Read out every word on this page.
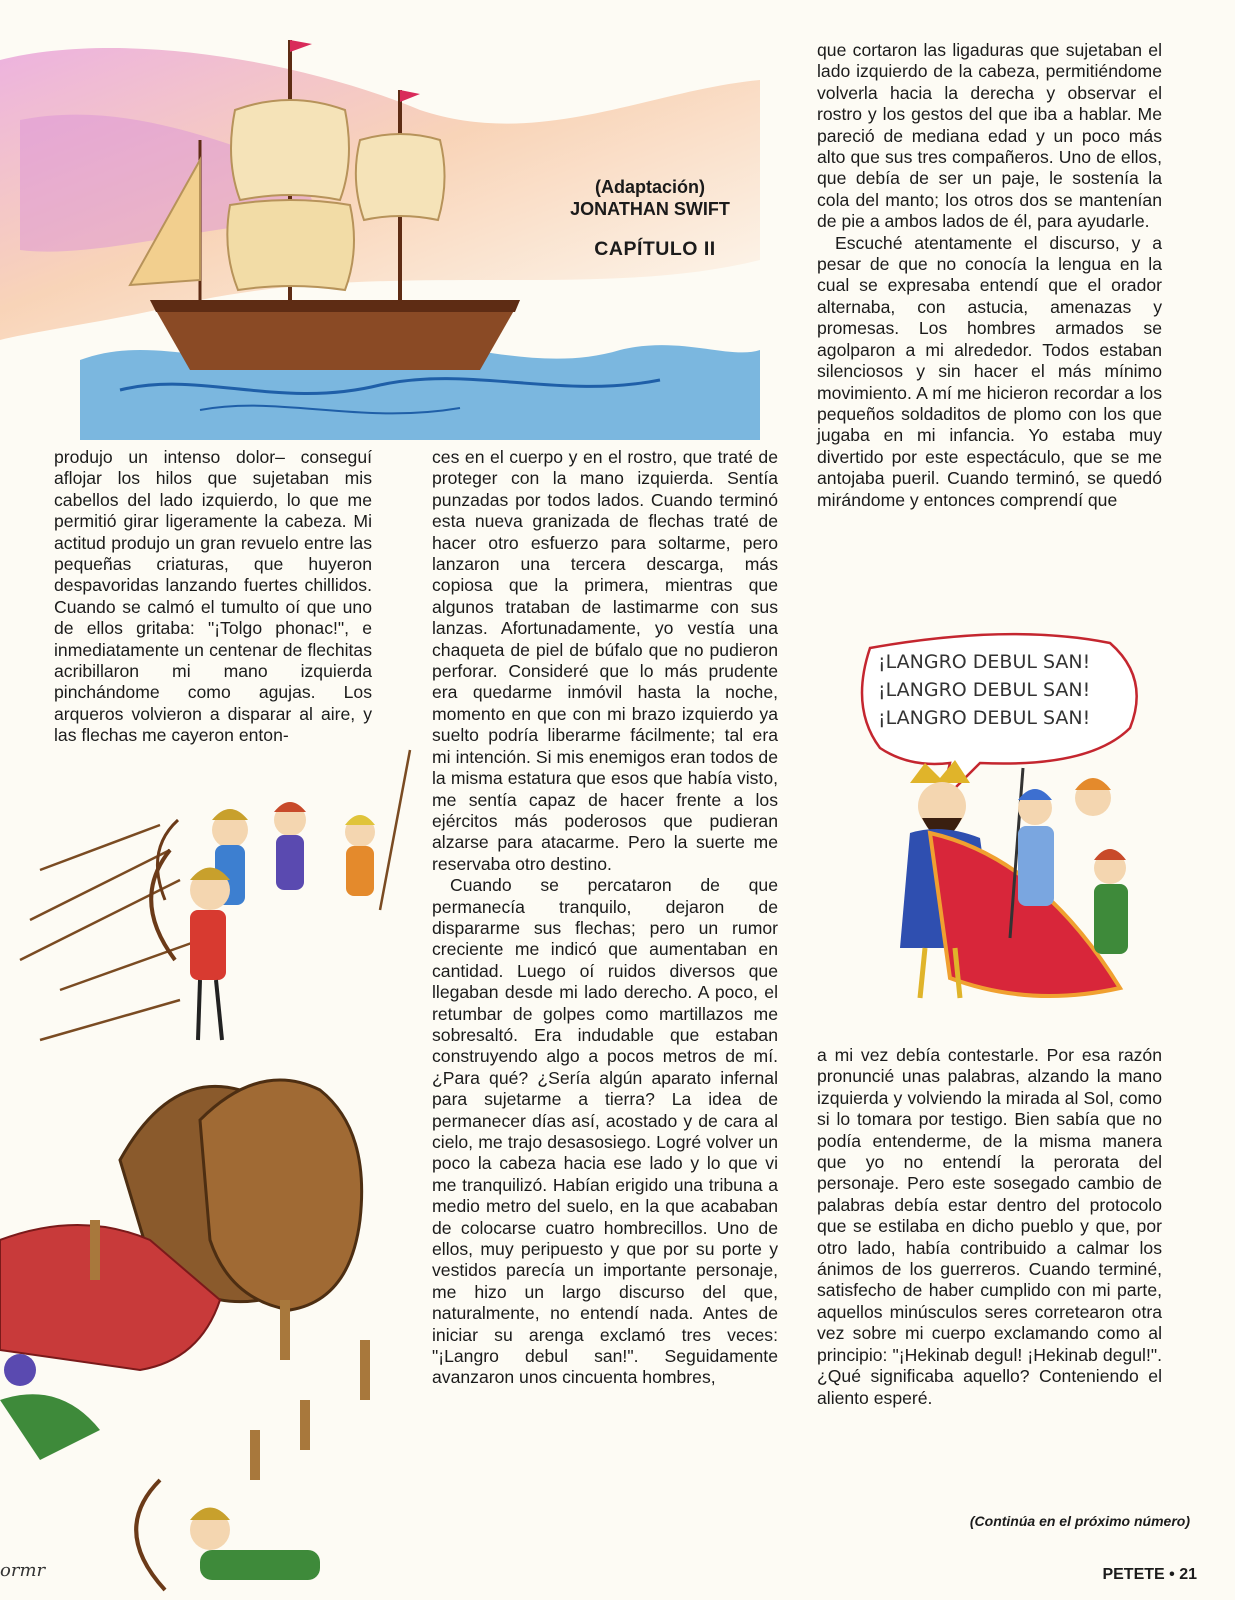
(Adaptación)
JONATHAN SWIFT
CAPÍTULO II
ormr
¡LANGRO DEBUL SAN!
¡LANGRO DEBUL SAN!
¡LANGRO DEBUL SAN!

produjo un intenso dolor– conseguí aflojar los hilos que sujetaban mis cabellos del lado izquierdo, lo que me permitió girar ligeramente la cabeza. Mi actitud produjo un gran revuelo entre las pequeñas criaturas, que huyeron despavoridas lanzando fuertes chillidos. Cuando se calmó el tumulto oí que uno de ellos gritaba: "¡Tolgo phonac!", e inmediatamente un centenar de flechitas acribillaron mi mano izquierda pinchándome como agujas. Los arqueros volvieron a disparar al aire, y las flechas me cayeron enton-

ces en el cuerpo y en el rostro, que traté de proteger con la mano izquierda. Sentía punzadas por todos lados. Cuando terminó esta nueva granizada de flechas traté de hacer otro esfuerzo para soltarme, pero lanzaron una tercera descarga, más copiosa que la primera, mientras que algunos trataban de lastimarme con sus lanzas. Afortunadamente, yo vestía una chaqueta de piel de búfalo que no pudieron perforar. Consideré que lo más prudente era quedarme inmóvil hasta la noche, momento en que con mi brazo izquierdo ya suelto podría liberarme fácilmente; tal era mi intención. Si mis enemigos eran todos de la misma estatura que esos que había visto, me sentía capaz de hacer frente a los ejércitos más poderosos que pudieran alzarse para atacarme. Pero la suerte me reservaba otro destino.

Cuando se percataron de que permanecía tranquilo, dejaron de dispararme sus flechas; pero un rumor creciente me indicó que aumentaban en cantidad. Luego oí ruidos diversos que llegaban desde mi lado derecho. A poco, el retumbar de golpes como martillazos me sobresaltó. Era indudable que estaban construyendo algo a pocos metros de mí. ¿Para qué? ¿Sería algún aparato infernal para sujetarme a tierra? La idea de permanecer días así, acostado y de cara al cielo, me trajo desasosiego. Logré volver un poco la cabeza hacia ese lado y lo que vi me tranquilizó. Habían erigido una tribuna a medio metro del suelo, en la que acababan de colocarse cuatro hombrecillos. Uno de ellos, muy peripuesto y que por su porte y vestidos parecía un importante personaje, me hizo un largo discurso del que, naturalmente, no entendí nada. Antes de iniciar su arenga exclamó tres veces: "¡Langro debul san!". Seguidamente avanzaron unos cincuenta hombres,

que cortaron las ligaduras que sujetaban el lado izquierdo de la cabeza, permitiéndome volverla hacia la derecha y observar el rostro y los gestos del que iba a hablar. Me pareció de mediana edad y un poco más alto que sus tres compañeros. Uno de ellos, que debía de ser un paje, le sostenía la cola del manto; los otros dos se mantenían de pie a ambos lados de él, para ayudarle.

Escuché atentamente el discurso, y a pesar de que no conocía la lengua en la cual se expresaba entendí que el orador alternaba, con astucia, amenazas y promesas. Los hombres armados se agolparon a mi alrededor. Todos estaban silenciosos y sin hacer el más mínimo movimiento. A mí me hicieron recordar a los pequeños soldaditos de plomo con los que jugaba en mi infancia. Yo estaba muy divertido por este espectáculo, que se me antojaba pueril. Cuando terminó, se quedó mirándome y entonces comprendí que

a mi vez debía contestarle. Por esa razón pronuncié unas palabras, alzando la mano izquierda y volviendo la mirada al Sol, como si lo tomara por testigo. Bien sabía que no podía entenderme, de la misma manera que yo no entendí la perorata del personaje. Pero este sosegado cambio de palabras debía estar dentro del protocolo que se estilaba en dicho pueblo y que, por otro lado, había contribuido a calmar los ánimos de los guerreros. Cuando terminé, satisfecho de haber cumplido con mi parte, aquellos minúsculos seres corretearon otra vez sobre mi cuerpo exclamando como al principio: "¡Hekinab degul! ¡Hekinab degul!". ¿Qué significaba aquello? Conteniendo el aliento esperé.

(Continúa en el próximo número)
PETETE • 21
